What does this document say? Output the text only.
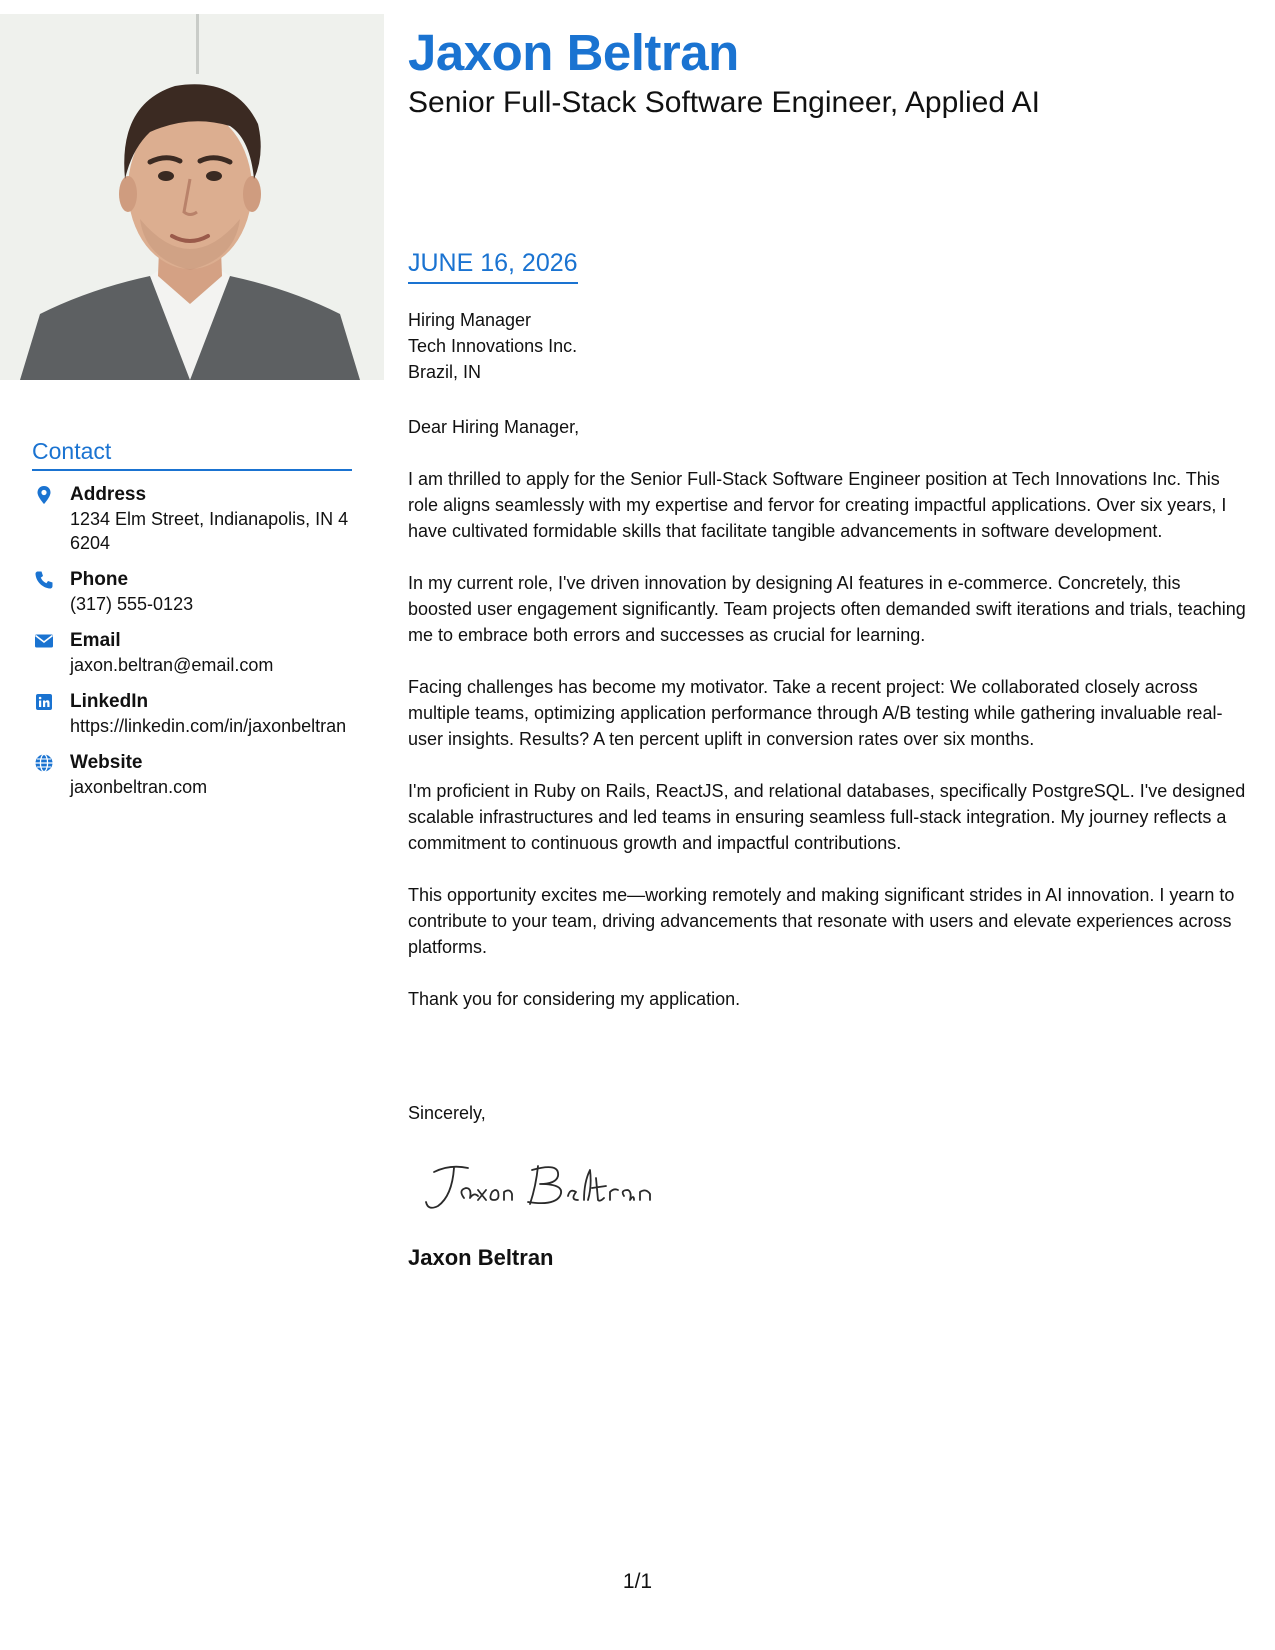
Contact
Address
1234 Elm Street, Indianapolis, IN 46204
Phone
(317) 555-0123
Email
jaxon.beltran@email.com
LinkedIn
https://linkedin.com/in/jaxonbeltran
Website
jaxonbeltran.com
Jaxon Beltran
Senior Full-Stack Software Engineer, Applied AI
JUNE 16, 2026
Hiring Manager
Tech Innovations Inc.
Brazil, IN

Dear Hiring Manager,

I am thrilled to apply for the Senior Full-Stack Software Engineer position at Tech Innovations Inc. This role aligns seamlessly with my expertise and fervor for creating impactful applications. Over six years, I have cultivated formidable skills that facilitate tangible advancements in software development.

In my current role, I've driven innovation by designing AI features in e-commerce. Concretely, this boosted user engagement significantly. Team projects often demanded swift iterations and trials, teaching me to embrace both errors and successes as crucial for learning.

Facing challenges has become my motivator. Take a recent project: We collaborated closely across multiple teams, optimizing application performance through A/B testing while gathering invaluable real-user insights. Results? A ten percent uplift in conversion rates over six months.

I'm proficient in Ruby on Rails, ReactJS, and relational databases, specifically PostgreSQL. I've designed scalable infrastructures and led teams in ensuring seamless full-stack integration. My journey reflects a commitment to continuous growth and impactful contributions.

This opportunity excites me—working remotely and making significant strides in AI innovation. I yearn to contribute to your team, driving advancements that resonate with users and elevate experiences across platforms.

Thank you for considering my application.

Sincerely,
Jaxon Beltran
1/1
